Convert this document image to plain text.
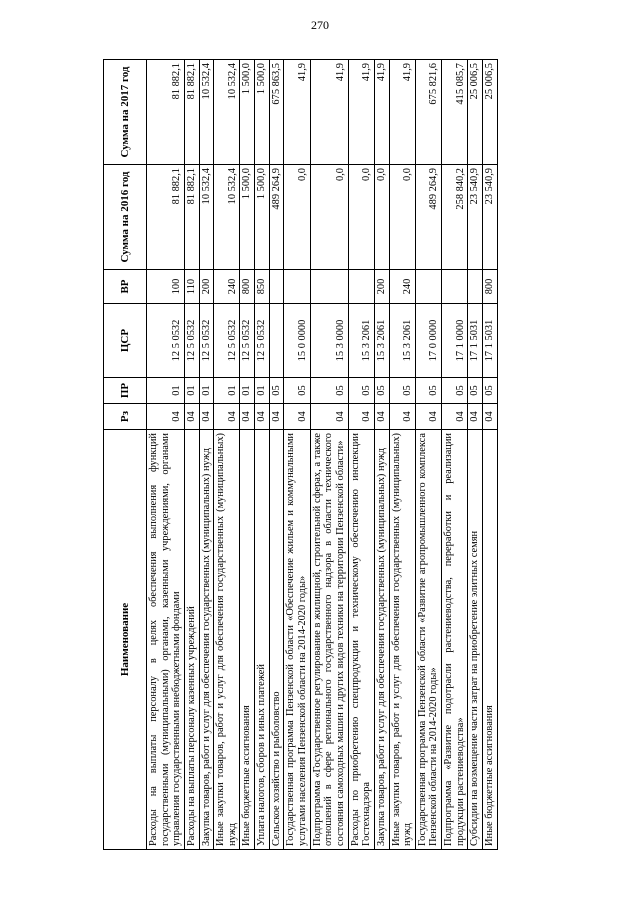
270
Наименование	Рз	ПР	ЦСР	ВР	Сумма на 2016 год	Сумма на 2017 год
Расходы на выплаты персоналу в целях обеспечения выполнения функций государственными (муниципальными) органами, казенными учреждениями, органами управления государственными внебюджетными фондами	04	01	12 5 0532	100	81 882,1	81 882,1
Расходы на выплаты персоналу казенных учреждений	04	01	12 5 0532	110	81 882,1	81 882,1
Закупка товаров, работ и услуг для обеспечения государственных (муниципальных) нужд	04	01	12 5 0532	200	10 532,4	10 532,4
Иные закупки товаров, работ и услуг для обеспечения государственных (муниципальных) нужд	04	01	12 5 0532	240	10 532,4	10 532,4
Иные бюджетные ассигнования	04	01	12 5 0532	800	1 500,0	1 500,0
Уплата налогов, сборов и иных платежей	04	01	12 5 0532	850	1 500,0	1 500,0
Сельское хозяйство и рыболовство	04	05			489 264,9	675 863,5
Государственная программа Пензенской области «Обеспечение жильем и коммунальными услугами населения Пензенской области на 2014-2020 годы»	04	05	15 0 0000		0,0	41,9
Подпрограмма «Государственное регулирование в жилищной, строительной сферах, а также отношений в сфере регионального государственного надзора в области технического состояния самоходных машин и других видов техники на территории Пензенской области»	04	05	15 3 0000		0,0	41,9
Расходы по приобретению спецпродукции и техническому обеспечению инспекции Гостехнадзора	04	05	15 3 2061		0,0	41,9
Закупка товаров, работ и услуг для обеспечения государственных (муниципальных) нужд	04	05	15 3 2061	200	0,0	41,9
Иные закупки товаров, работ и услуг для обеспечения государственных (муниципальных) нужд	04	05	15 3 2061	240	0,0	41,9
Государственная программа Пензенской области «Развитие агропромышленного комплекса Пензенской области на 2014-2020 годы»	04	05	17 0 0000		489 264,9	675 821,6
Подпрограмма «Развитие подотрасли растениеводства, переработки и реализации продукции растениеводства»	04	05	17 1 0000		258 840,2	415 085,7
Субсидии на возмещение части затрат на приобретение элитных семян	04	05	17 1 5031		23 540,9	25 006,5
Иные бюджетные ассигнования	04	05	17 1 5031	800	23 540,9	25 006,5
